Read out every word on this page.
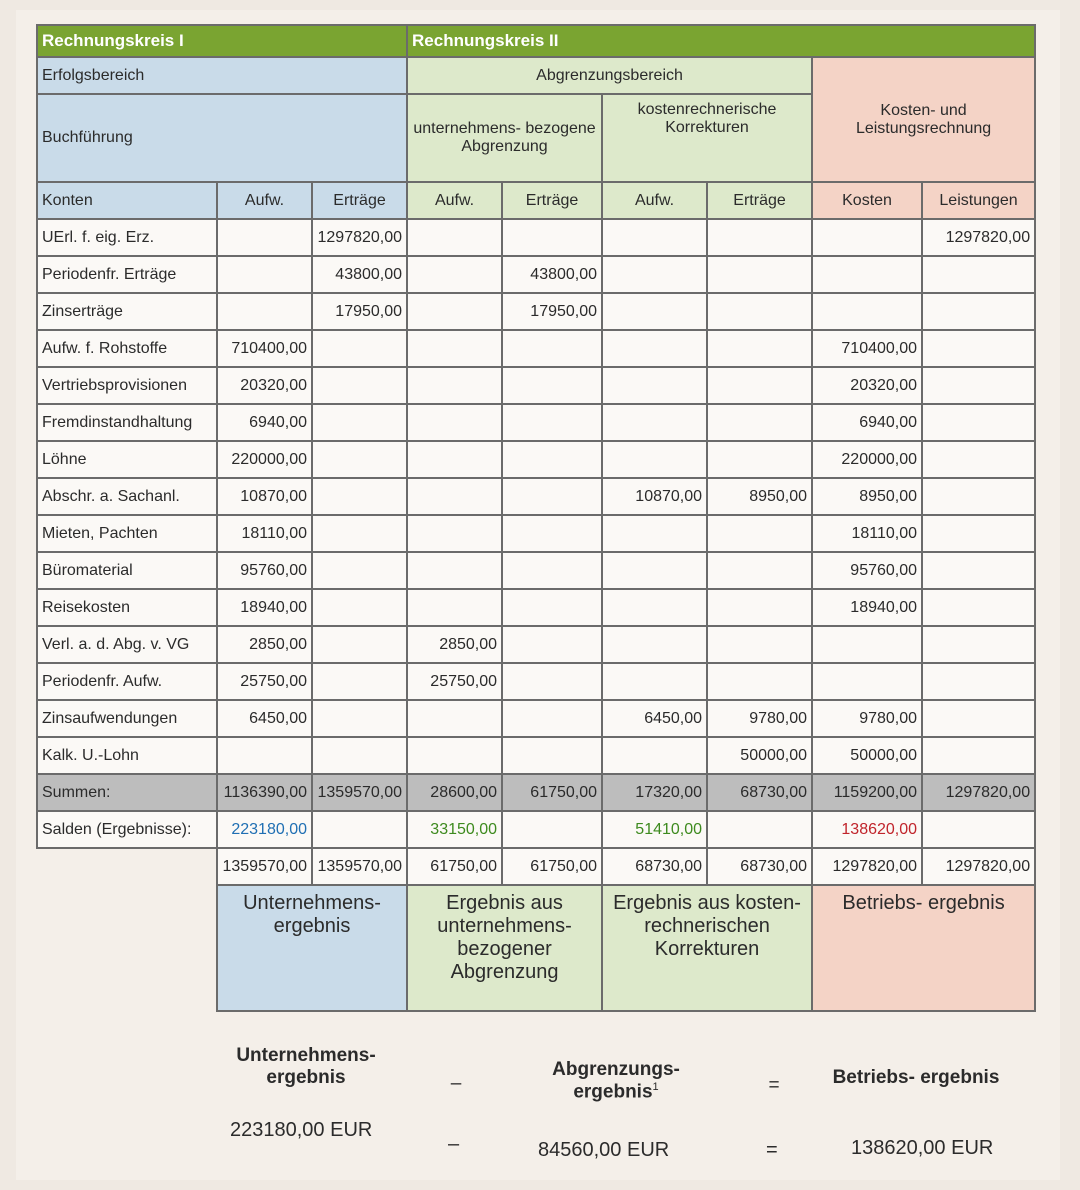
Rechnungskreis I			Rechnungskreis II					
Erfolgsbereich			Abgrenzungsbereich				Kosten- und Leistungsrechnung	
Buchführung			unternehmens- bezogene Abgrenzung		kostenrechnerische Korrekturen			
Konten	Aufw.	Erträge	Aufw.	Erträge	Aufw.	Erträge	Kosten	Leistungen
UErl. f. eig. Erz.		1297820,00						1297820,00
Periodenfr. Erträge		43800,00		43800,00				
Zinserträge		17950,00		17950,00				
Aufw. f. Rohstoffe	710400,00						710400,00	
Vertriebsprovisionen	20320,00						20320,00	
Fremdinstandhaltung	6940,00						6940,00	
Löhne	220000,00						220000,00	
Abschr. a. Sachanl.	10870,00				10870,00	8950,00	8950,00	
Mieten, Pachten	18110,00						18110,00	
Büromaterial	95760,00						95760,00	
Reisekosten	18940,00						18940,00	
Verl. a. d. Abg. v. VG	2850,00		2850,00					
Periodenfr. Aufw.	25750,00		25750,00					
Zinsaufwendungen	6450,00				6450,00	9780,00	9780,00	
Kalk. U.-Lohn						50000,00	50000,00	
Summen:	1136390,00	1359570,00	28600,00	61750,00	17320,00	68730,00	1159200,00	1297820,00
Salden (Ergebnisse):	223180,00		33150,00		51410,00		138620,00	
	1359570,00	1359570,00	61750,00	61750,00	68730,00	68730,00	1297820,00	1297820,00
	Unternehmens- ergebnis		Ergebnis aus unternehmens- bezogener Abgrenzung		Ergebnis aus kosten- rechnerischen Korrekturen		Betriebs- ergebnis	
Unternehmens- ergebnis	–
Abgrenzungs- ergebnis$^1$	=	Betriebs- ergebnis
223180,00 EUR
–	84560,00 EUR	=	138620,00 EUR
